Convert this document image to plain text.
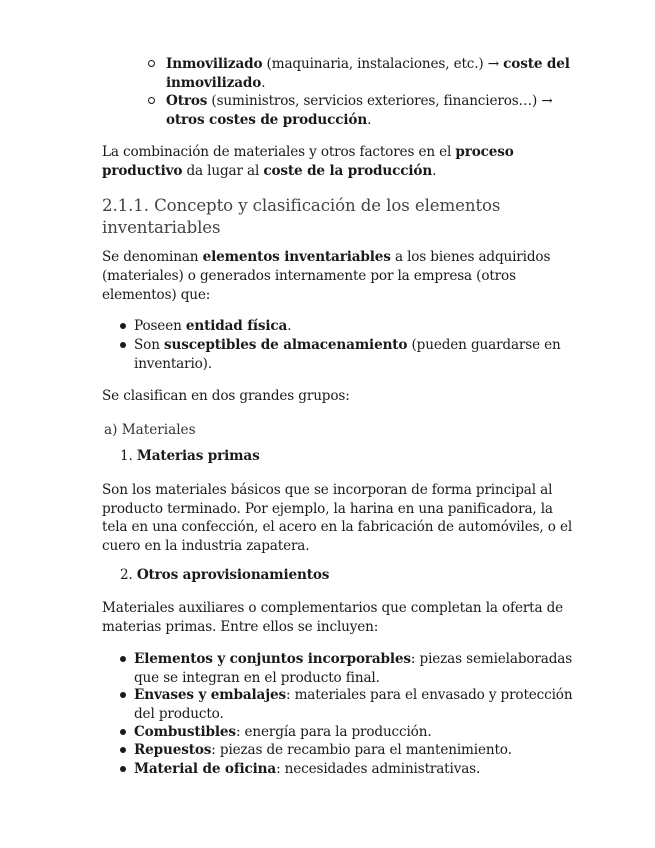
Inmovilizado (maquinaria, instalaciones, etc.) → coste del
inmovilizado.
Otros (suministros, servicios exteriores, financieros…) →
otros costes de producción.
La combinación de materiales y otros factores en el proceso
productivo da lugar al coste de la producción.
2.1.1. Concepto y clasificación de los elementos
inventariables
Se denominan elementos inventariables a los bienes adquiridos
(materiales) o generados internamente por la empresa (otros
elementos) que:
Poseen entidad física.
Son susceptibles de almacenamiento (pueden guardarse en
inventario).
Se clasifican en dos grandes grupos:
a) Materiales
1. Materias primas
Son los materiales básicos que se incorporan de forma principal al
producto terminado. Por ejemplo, la harina en una panificadora, la
tela en una confección, el acero en la fabricación de automóviles, o el
cuero en la industria zapatera.
2. Otros aprovisionamientos
Materiales auxiliares o complementarios que completan la oferta de
materias primas. Entre ellos se incluyen:
Elementos y conjuntos incorporables: piezas semielaboradas
que se integran en el producto final.
Envases y embalajes: materiales para el envasado y protección
del producto.
Combustibles: energía para la producción.
Repuestos: piezas de recambio para el mantenimiento.
Material de oficina: necesidades administrativas.
